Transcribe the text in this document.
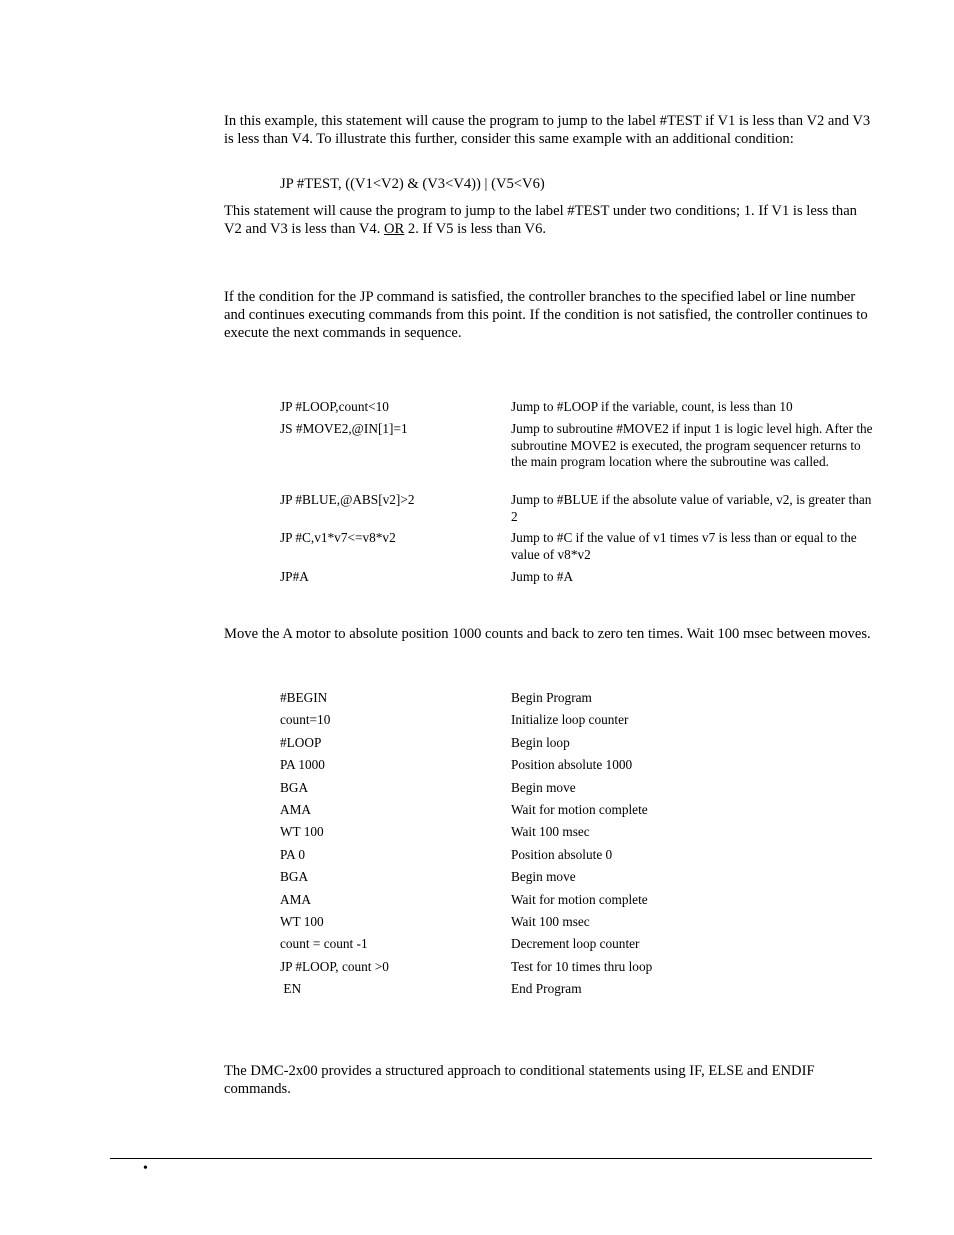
In this example, this statement will cause the program to jump to the label #TEST if V1 is less than V2 and V3 is less than V4. To illustrate this further, consider this same example with an additional condition:

JP #TEST, ((V1<V2) & (V3<V4)) | (V5<V6)

This statement will cause the program to jump to the label #TEST under two conditions; 1. If V1 is less than V2 and V3 is less than V4. OR 2. If V5 is less than V6.

If the condition for the JP command is satisfied, the controller branches to the specified label or line number and continues executing commands from this point. If the condition is not satisfied, the controller continues to execute the next commands in sequence.

JP #LOOP,count<10	Jump to #LOOP if the variable, count, is less than 10
JS #MOVE2,@IN[1]=1	Jump to subroutine #MOVE2 if input 1 is logic level high. After the subroutine MOVE2 is executed, the program sequencer returns to the main program location where the subroutine was called.
JP #BLUE,@ABS[v2]>2	Jump to #BLUE if the absolute value of variable, v2, is greater than 2
JP #C,v1*v7<=v8*v2	Jump to #C if the value of v1 times v7 is less than or equal to the value of v8*v2
JP#A	Jump to #A

Move the A motor to absolute position 1000 counts and back to zero ten times. Wait 100 msec between moves.

#BEGIN	Begin Program
count=10	Initialize loop counter
#LOOP	Begin loop
PA 1000	Position absolute 1000
BGA	Begin move
AMA	Wait for motion complete
WT 100	Wait 100 msec
PA 0	Position absolute 0
BGA	Begin move
AMA	Wait for motion complete
WT 100	Wait 100 msec
count = count -1	Decrement loop counter
JP #LOOP, count >0	Test for 10 times thru loop
EN	End Program

The DMC-2x00 provides a structured approach to conditional statements using IF, ELSE and ENDIF commands.

•
